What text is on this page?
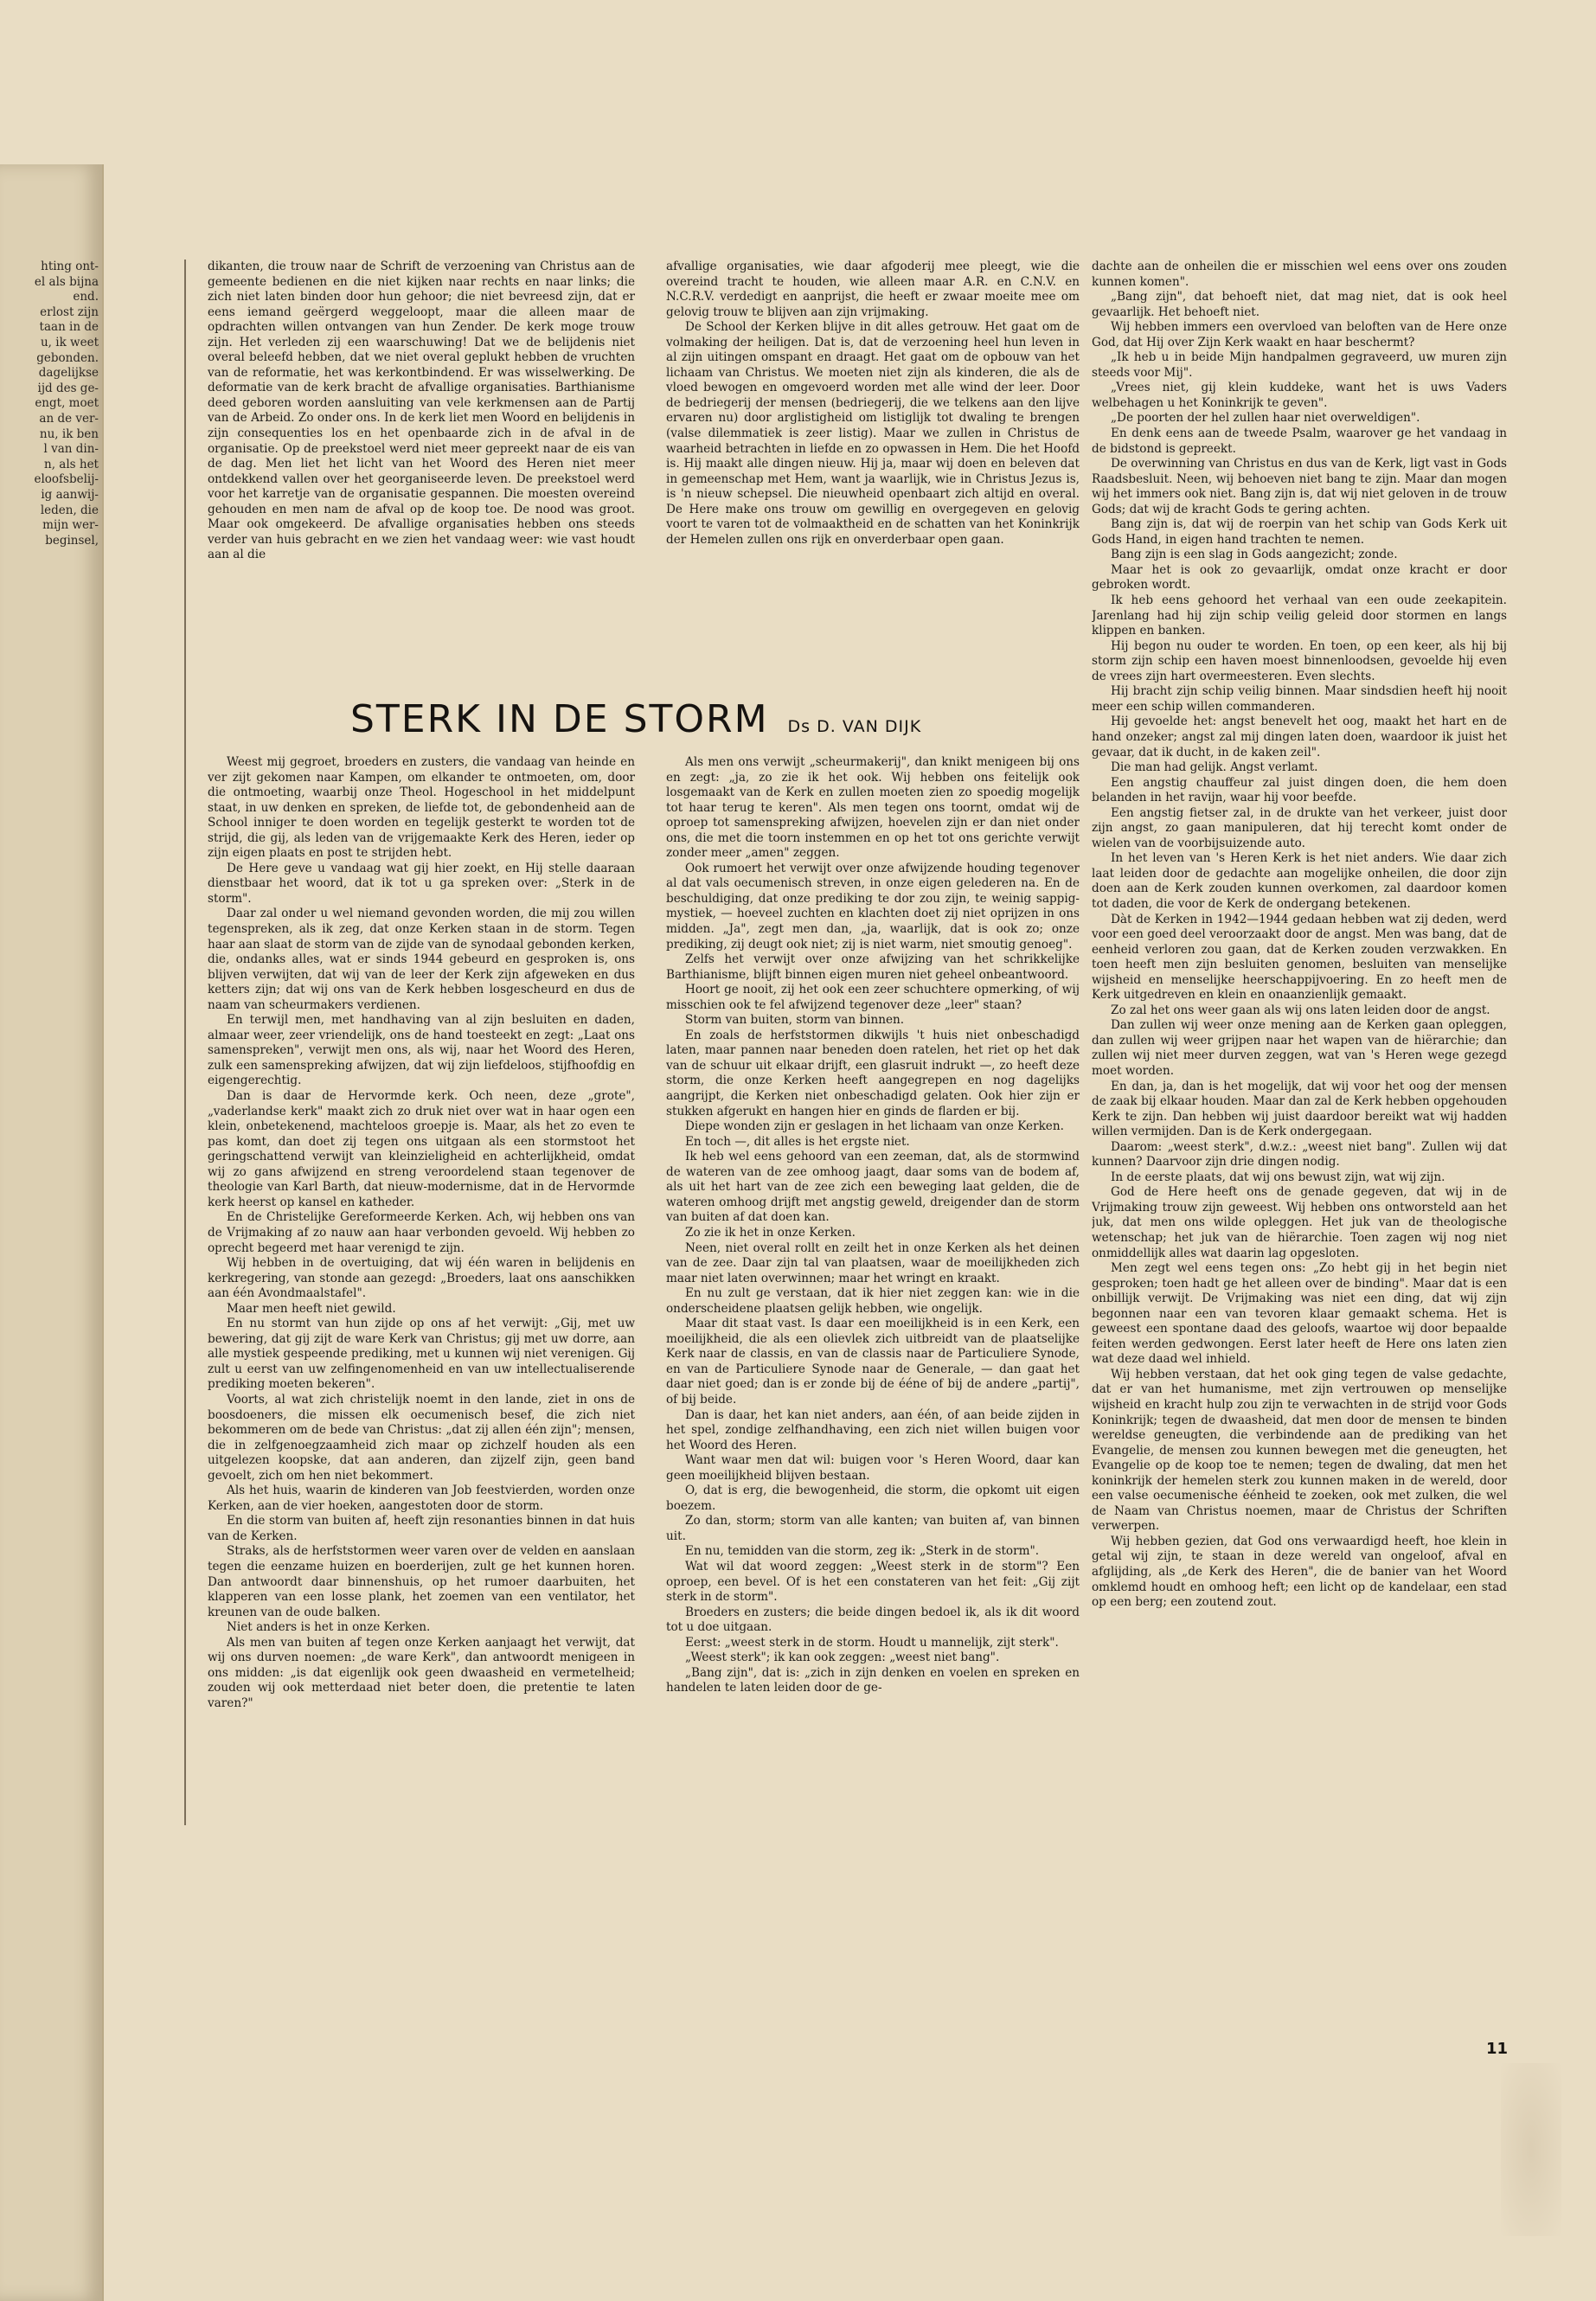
hting ont-
el als bijna
end.
erlost zijn
taan in de
u, ik weet
gebonden.
dagelijkse
ijd des ge-
engt, moet
an de ver-
nu, ik ben
l van din-
n, als het
eloofsbelij-
ig aanwij-
leden, die
mijn wer-
beginsel,

dikanten, die trouw naar de Schrift de verzoening van Christus aan de gemeente bedienen en die niet kijken naar rechts en naar links; die zich niet laten binden door hun gehoor; die niet bevreesd zijn, dat er eens iemand geërgerd weggeloopt, maar die alleen maar de opdrachten willen ontvangen van hun Zender. De kerk moge trouw zijn. Het verleden zij een waarschuwing! Dat we de belijdenis niet overal beleefd hebben, dat we niet overal geplukt hebben de vruchten van de reformatie, het was kerkontbindend. Er was wisselwerking. De deformatie van de kerk bracht de afvallige organisaties. Barthianisme deed geboren worden aansluiting van vele kerkmensen aan de Partij van de Arbeid. Zo onder ons. In de kerk liet men Woord en belijdenis in zijn consequenties los en het openbaarde zich in de afval in de organisatie. Op de preekstoel werd niet meer gepreekt naar de eis van de dag. Men liet het licht van het Woord des Heren niet meer ontdekkend vallen over het georganiseerde leven. De preekstoel werd voor het karretje van de organisatie gespannen. Die moesten overeind gehouden en men nam de afval op de koop toe. De nood was groot. Maar ook omgekeerd. De afvallige organisaties hebben ons steeds verder van huis gebracht en we zien het vandaag weer: wie vast houdt aan al die

afvallige organisaties, wie daar afgoderij mee pleegt, wie die overeind tracht te houden, wie alleen maar A.R. en C.N.V. en N.C.R.V. verdedigt en aanprijst, die heeft er zwaar moeite mee om gelovig trouw te blijven aan zijn vrijmaking.

De School der Kerken blijve in dit alles getrouw. Het gaat om de volmaking der heiligen. Dat is, dat de verzoening heel hun leven in al zijn uitingen omspant en draagt. Het gaat om de opbouw van het lichaam van Christus. We moeten niet zijn als kinderen, die als de vloed bewogen en omgevoerd worden met alle wind der leer. Door de bedriegerij der mensen (bedriegerij, die we telkens aan den lijve ervaren nu) door arglistigheid om listiglijk tot dwaling te brengen (valse dilemmatiek is zeer listig). Maar we zullen in Christus de waarheid betrachten in liefde en zo opwassen in Hem. Die het Hoofd is. Hij maakt alle dingen nieuw. Hij ja, maar wij doen en beleven dat in gemeenschap met Hem, want ja waarlijk, wie in Christus Jezus is, is 'n nieuw schepsel. Die nieuwheid openbaart zich altijd en overal. De Here make ons trouw om gewillig en overgegeven en gelovig voort te varen tot de volmaaktheid en de schatten van het Koninkrijk der Hemelen zullen ons rijk en onverderbaar open gaan.

STERK IN DE STORM Ds D. VAN DIJK

Weest mij gegroet, broeders en zusters, die vandaag van heinde en ver zijt gekomen naar Kampen, om elkander te ontmoeten, om, door die ontmoeting, waarbij onze Theol. Hogeschool in het middelpunt staat, in uw denken en spreken, de liefde tot, de gebondenheid aan de School inniger te doen worden en tegelijk gesterkt te worden tot de strijd, die gij, als leden van de vrijgemaakte Kerk des Heren, ieder op zijn eigen plaats en post te strijden hebt.

De Here geve u vandaag wat gij hier zoekt, en Hij stelle daaraan dienstbaar het woord, dat ik tot u ga spreken over: „Sterk in de storm".

Daar zal onder u wel niemand gevonden worden, die mij zou willen tegenspreken, als ik zeg, dat onze Kerken staan in de storm. Tegen haar aan slaat de storm van de zijde van de synodaal gebonden kerken, die, ondanks alles, wat er sinds 1944 gebeurd en gesproken is, ons blijven verwijten, dat wij van de leer der Kerk zijn afgeweken en dus ketters zijn; dat wij ons van de Kerk hebben losgescheurd en dus de naam van scheurmakers verdienen.

En terwijl men, met handhaving van al zijn besluiten en daden, almaar weer, zeer vriendelijk, ons de hand toesteekt en zegt: „Laat ons samenspreken", verwijt men ons, als wij, naar het Woord des Heren, zulk een samenspreking afwijzen, dat wij zijn liefdeloos, stijfhoofdig en eigengerechtig.

Dan is daar de Hervormde kerk. Och neen, deze „grote", „vaderlandse kerk" maakt zich zo druk niet over wat in haar ogen een klein, onbetekenend, machteloos groepje is. Maar, als het zo even te pas komt, dan doet zij tegen ons uitgaan als een stormstoot het geringschattend verwijt van kleinzieligheid en achterlijkheid, omdat wij zo gans afwijzend en streng veroordelend staan tegenover de theologie van Karl Barth, dat nieuw-modernisme, dat in de Hervormde kerk heerst op kansel en katheder.

En de Christelijke Gereformeerde Kerken. Ach, wij hebben ons van de Vrijmaking af zo nauw aan haar verbonden gevoeld. Wij hebben zo oprecht begeerd met haar verenigd te zijn.

Wij hebben in de overtuiging, dat wij één waren in belijdenis en kerkregering, van stonde aan gezegd: „Broeders, laat ons aanschikken aan één Avondmaalstafel".

Maar men heeft niet gewild.

En nu stormt van hun zijde op ons af het verwijt: „Gij, met uw bewering, dat gij zijt de ware Kerk van Christus; gij met uw dorre, aan alle mystiek gespeende prediking, met u kunnen wij niet verenigen. Gij zult u eerst van uw zelfingenomenheid en van uw intellectualiserende prediking moeten bekeren".

Voorts, al wat zich christelijk noemt in den lande, ziet in ons de boosdoeners, die missen elk oecumenisch besef, die zich niet bekommeren om de bede van Christus: „dat zij allen één zijn"; mensen, die in zelfgenoegzaamheid zich maar op zichzelf houden als een uitgelezen koopske, dat aan anderen, dan zijzelf zijn, geen band gevoelt, zich om hen niet bekommert.

Als het huis, waarin de kinderen van Job feestvierden, worden onze Kerken, aan de vier hoeken, aangestoten door de storm.

En die storm van buiten af, heeft zijn resonanties binnen in dat huis van de Kerken.

Straks, als de herfststormen weer varen over de velden en aanslaan tegen die eenzame huizen en boerderijen, zult ge het kunnen horen. Dan antwoordt daar binnenshuis, op het rumoer daarbuiten, het klapperen van een losse plank, het zoemen van een ventilator, het kreunen van de oude balken.

Niet anders is het in onze Kerken.

Als men van buiten af tegen onze Kerken aanjaagt het verwijt, dat wij ons durven noemen: „de ware Kerk", dan antwoordt menigeen in ons midden: „is dat eigenlijk ook geen dwaasheid en vermetelheid; zouden wij ook metterdaad niet beter doen, die pretentie te laten varen?"

Als men ons verwijt „scheurmakerij", dan knikt menigeen bij ons en zegt: „ja, zo zie ik het ook. Wij hebben ons feitelijk ook losgemaakt van de Kerk en zullen moeten zien zo spoedig mogelijk tot haar terug te keren". Als men tegen ons toornt, omdat wij de oproep tot samenspreking afwijzen, hoevelen zijn er dan niet onder ons, die met die toorn instemmen en op het tot ons gerichte verwijt zonder meer „amen" zeggen.

Ook rumoert het verwijt over onze afwijzende houding tegenover al dat vals oecumenisch streven, in onze eigen gelederen na. En de beschuldiging, dat onze prediking te dor zou zijn, te weinig sappig-mystiek, — hoeveel zuchten en klachten doet zij niet oprijzen in ons midden. „Ja", zegt men dan, „ja, waarlijk, dat is ook zo; onze prediking, zij deugt ook niet; zij is niet warm, niet smoutig genoeg".

Zelfs het verwijt over onze afwijzing van het schrikkelijke Barthianisme, blijft binnen eigen muren niet geheel onbeantwoord.

Hoort ge nooit, zij het ook een zeer schuchtere opmerking, of wij misschien ook te fel afwijzend tegenover deze „leer" staan?

Storm van buiten, storm van binnen.

En zoals de herfststormen dikwijls 't huis niet onbeschadigd laten, maar pannen naar beneden doen ratelen, het riet op het dak van de schuur uit elkaar drijft, een glasruit indrukt —, zo heeft deze storm, die onze Kerken heeft aangegrepen en nog dagelijks aangrijpt, die Kerken niet onbeschadigd gelaten. Ook hier zijn er stukken afgerukt en hangen hier en ginds de flarden er bij.

Diepe wonden zijn er geslagen in het lichaam van onze Kerken.

En toch —, dit alles is het ergste niet.

Ik heb wel eens gehoord van een zeeman, dat, als de stormwind de wateren van de zee omhoog jaagt, daar soms van de bodem af, als uit het hart van de zee zich een beweging laat gelden, die de wateren omhoog drijft met angstig geweld, dreigender dan de storm van buiten af dat doen kan.

Zo zie ik het in onze Kerken.

Neen, niet overal rollt en zeilt het in onze Kerken als het deinen van de zee. Daar zijn tal van plaatsen, waar de moeilijkheden zich maar niet laten overwinnen; maar het wringt en kraakt.

En nu zult ge verstaan, dat ik hier niet zeggen kan: wie in die onderscheidene plaatsen gelijk hebben, wie ongelijk.

Maar dit staat vast. Is daar een moeilijkheid is in een Kerk, een moeilijkheid, die als een olievlek zich uitbreidt van de plaatselijke Kerk naar de classis, en van de classis naar de Particuliere Synode, en van de Particuliere Synode naar de Generale, — dan gaat het daar niet goed; dan is er zonde bij de ééne of bij de andere „partij", of bij beide.

Dan is daar, het kan niet anders, aan één, of aan beide zijden in het spel, zondige zelfhandhaving, een zich niet willen buigen voor het Woord des Heren.

Want waar men dat wil: buigen voor 's Heren Woord, daar kan geen moeilijkheid blijven bestaan.

O, dat is erg, die bewogenheid, die storm, die opkomt uit eigen boezem.

Zo dan, storm; storm van alle kanten; van buiten af, van binnen uit.

En nu, temidden van die storm, zeg ik: „Sterk in de storm".

Wat wil dat woord zeggen: „Weest sterk in de storm"? Een oproep, een bevel. Of is het een constateren van het feit: „Gij zijt sterk in de storm".

Broeders en zusters; die beide dingen bedoel ik, als ik dit woord tot u doe uitgaan.

Eerst: „weest sterk in de storm. Houdt u mannelijk, zijt sterk".

„Weest sterk"; ik kan ook zeggen: „weest niet bang".

„Bang zijn", dat is: „zich in zijn denken en voelen en spreken en handelen te laten leiden door de ge-

dachte aan de onheilen die er misschien wel eens over ons zouden kunnen komen".

„Bang zijn", dat behoeft niet, dat mag niet, dat is ook heel gevaarlijk. Het behoeft niet.

Wij hebben immers een overvloed van beloften van de Here onze God, dat Hij over Zijn Kerk waakt en haar beschermt?

„Ik heb u in beide Mijn handpalmen gegraveerd, uw muren zijn steeds voor Mij".

„Vrees niet, gij klein kuddeke, want het is uws Vaders welbehagen u het Koninkrijk te geven".

„De poorten der hel zullen haar niet overweldigen".

En denk eens aan de tweede Psalm, waarover ge het vandaag in de bidstond is gepreekt.

De overwinning van Christus en dus van de Kerk, ligt vast in Gods Raadsbesluit. Neen, wij behoeven niet bang te zijn. Maar dan mogen wij het immers ook niet. Bang zijn is, dat wij niet geloven in de trouw Gods; dat wij de kracht Gods te gering achten.

Bang zijn is, dat wij de roerpin van het schip van Gods Kerk uit Gods Hand, in eigen hand trachten te nemen.

Bang zijn is een slag in Gods aangezicht; zonde.

Maar het is ook zo gevaarlijk, omdat onze kracht er door gebroken wordt.

Ik heb eens gehoord het verhaal van een oude zeekapitein. Jarenlang had hij zijn schip veilig geleid door stormen en langs klippen en banken.

Hij begon nu ouder te worden. En toen, op een keer, als hij bij storm zijn schip een haven moest binnenloodsen, gevoelde hij even de vrees zijn hart overmeesteren. Even slechts.

Hij bracht zijn schip veilig binnen. Maar sindsdien heeft hij nooit meer een schip willen commanderen.

Hij gevoelde het: angst benevelt het oog, maakt het hart en de hand onzeker; angst zal mij dingen laten doen, waardoor ik juist het gevaar, dat ik ducht, in de kaken zeil".

Die man had gelijk. Angst verlamt.

Een angstig chauffeur zal juist dingen doen, die hem doen belanden in het ravijn, waar hij voor beefde.

Een angstig fietser zal, in de drukte van het verkeer, juist door zijn angst, zo gaan manipuleren, dat hij terecht komt onder de wielen van de voorbijsuizende auto.

In het leven van 's Heren Kerk is het niet anders. Wie daar zich laat leiden door de gedachte aan mogelijke onheilen, die door zijn doen aan de Kerk zouden kunnen overkomen, zal daardoor komen tot daden, die voor de Kerk de ondergang betekenen.

Dàt de Kerken in 1942—1944 gedaan hebben wat zij deden, werd voor een goed deel veroorzaakt door de angst. Men was bang, dat de eenheid verloren zou gaan, dat de Kerken zouden verzwakken. En toen heeft men zijn besluiten genomen, besluiten van menselijke wijsheid en menselijke heerschappijvoering. En zo heeft men de Kerk uitgedreven en klein en onaanzienlijk gemaakt.

Zo zal het ons weer gaan als wij ons laten leiden door de angst.

Dan zullen wij weer onze mening aan de Kerken gaan opleggen, dan zullen wij weer grijpen naar het wapen van de hiërarchie; dan zullen wij niet meer durven zeggen, wat van 's Heren wege gezegd moet worden.

En dan, ja, dan is het mogelijk, dat wij voor het oog der mensen de zaak bij elkaar houden. Maar dan zal de Kerk hebben opgehouden Kerk te zijn. Dan hebben wij juist daardoor bereikt wat wij hadden willen vermijden. Dan is de Kerk ondergegaan.

Daarom: „weest sterk", d.w.z.: „weest niet bang". Zullen wij dat kunnen? Daarvoor zijn drie dingen nodig.

In de eerste plaats, dat wij ons bewust zijn, wat wij zijn.

God de Here heeft ons de genade gegeven, dat wij in de Vrijmaking trouw zijn geweest. Wij hebben ons ontworsteld aan het juk, dat men ons wilde opleggen. Het juk van de theologische wetenschap; het juk van de hiërarchie. Toen zagen wij nog niet onmiddellijk alles wat daarin lag opgesloten.

Men zegt wel eens tegen ons: „Zo hebt gij in het begin niet gesproken; toen hadt ge het alleen over de binding". Maar dat is een onbillijk verwijt. De Vrijmaking was niet een ding, dat wij zijn begonnen naar een van tevoren klaar gemaakt schema. Het is geweest een spontane daad des geloofs, waartoe wij door bepaalde feiten werden gedwongen. Eerst later heeft de Here ons laten zien wat deze daad wel inhield.

Wij hebben verstaan, dat het ook ging tegen de valse gedachte, dat er van het humanisme, met zijn vertrouwen op menselijke wijsheid en kracht hulp zou zijn te verwachten in de strijd voor Gods Koninkrijk; tegen de dwaasheid, dat men door de mensen te binden wereldse geneugten, die verbindende aan de prediking van het Evangelie, de mensen zou kunnen bewegen met die geneugten, het Evangelie op de koop toe te nemen; tegen de dwaling, dat men het koninkrijk der hemelen sterk zou kunnen maken in de wereld, door een valse oecumenische éénheid te zoeken, ook met zulken, die wel de Naam van Christus noemen, maar de Christus der Schriften verwerpen.

Wij hebben gezien, dat God ons verwaardigd heeft, hoe klein in getal wij zijn, te staan in deze wereld van ongeloof, afval en afglijding, als „de Kerk des Heren", die de banier van het Woord omklemd houdt en omhoog heft; een licht op de kandelaar, een stad op een berg; een zoutend zout.

11
